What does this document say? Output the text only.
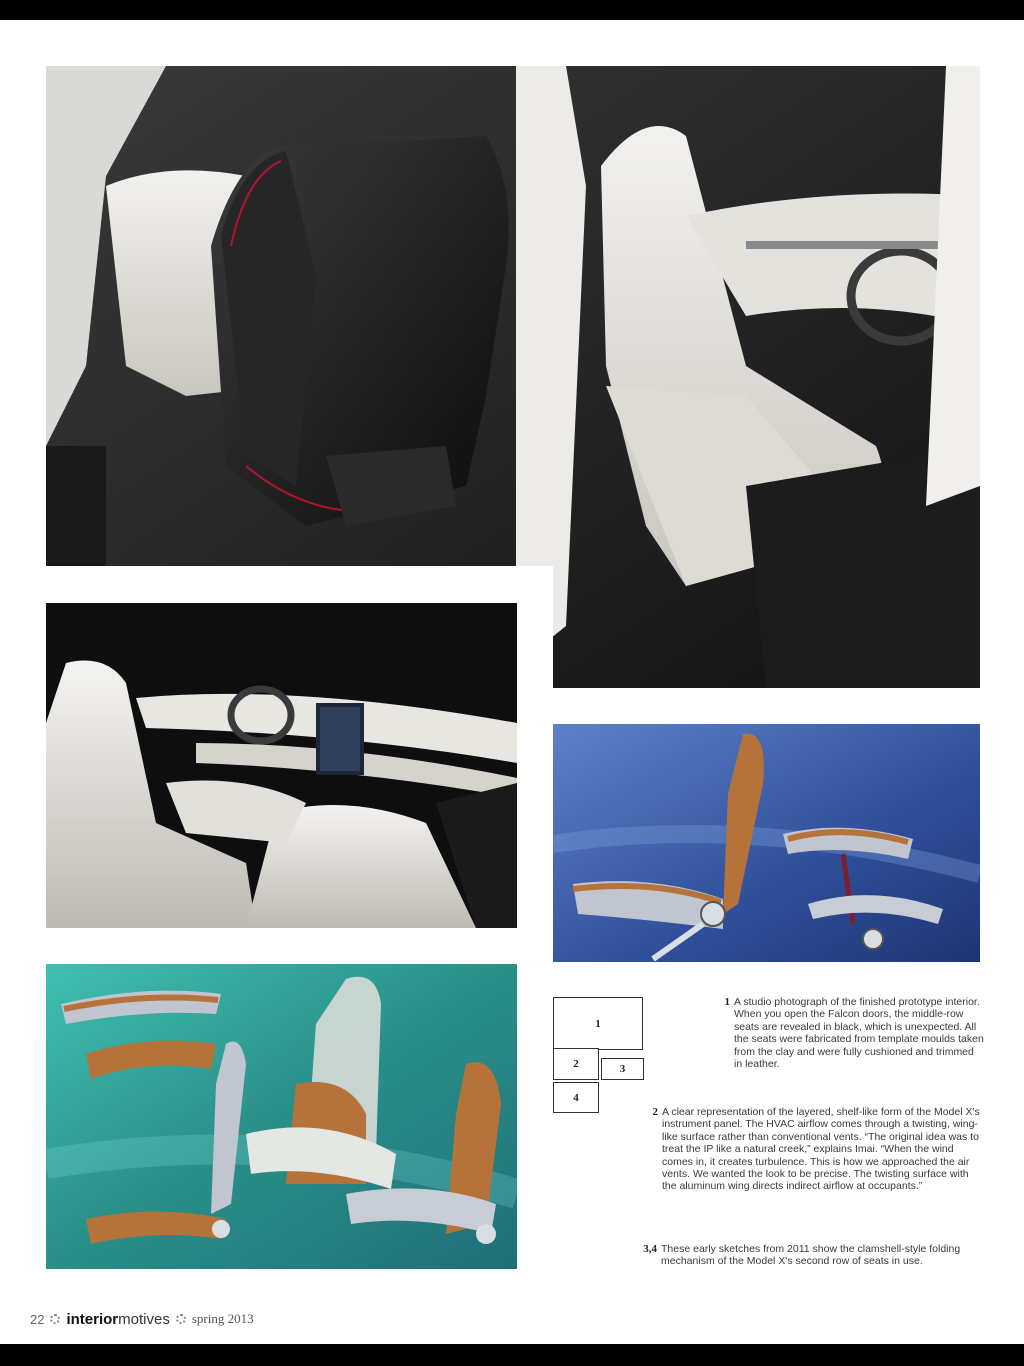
1
2	3
4
1 A studio photograph of the finished prototype interior. When you open the Falcon doors, the middle-row seats are revealed in black, which is unexpected. All the seats were fabricated from template moulds taken from the clay and were fully cushioned and trimmed in leather.
2 A clear representation of the layered, shelf-like form of the Model X's instrument panel. The HVAC airflow comes through a twisting, wing-like surface rather than conventional vents. “The original idea was to treat the IP like a natural creek,” explains Imai. “When the wind comes in, it creates turbulence. This is how we approached the air vents. We wanted the look to be precise. The twisting surface with the aluminum wing directs indirect airflow at occupants.”
3,4 These early sketches from 2011 show the clamshell-style folding mechanism of the Model X's second row of seats in use.
22 interior motives spring 2013
